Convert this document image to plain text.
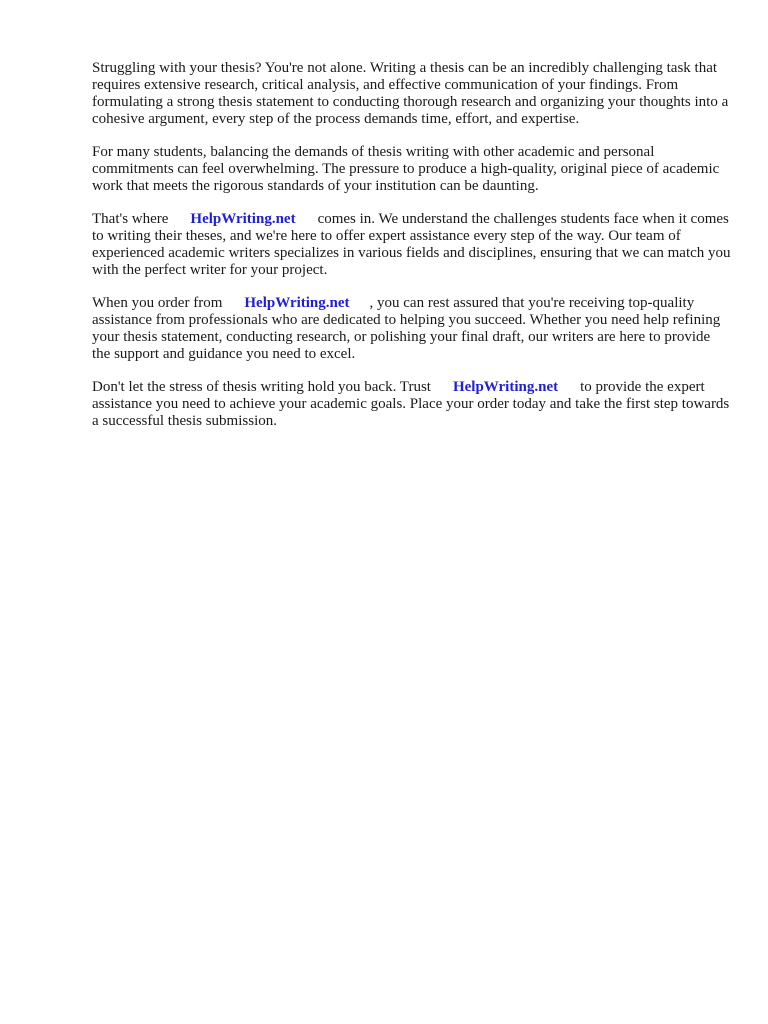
Struggling with your thesis? You're not alone. Writing a thesis can be an incredibly challenging task that requires extensive research, critical analysis, and effective communication of your findings. From formulating a strong thesis statement to conducting thorough research and organizing your thoughts into a cohesive argument, every step of the process demands time, effort, and expertise.

For many students, balancing the demands of thesis writing with other academic and personal commitments can feel overwhelming. The pressure to produce a high-quality, original piece of academic work that meets the rigorous standards of your institution can be daunting.

That's where HelpWriting.net comes in. We understand the challenges students face when it comes to writing their theses, and we're here to offer expert assistance every step of the way. Our team of experienced academic writers specializes in various fields and disciplines, ensuring that we can match you with the perfect writer for your project.

When you order from HelpWriting.net , you can rest assured that you're receiving top-quality assistance from professionals who are dedicated to helping you succeed. Whether you need help refining your thesis statement, conducting research, or polishing your final draft, our writers are here to provide the support and guidance you need to excel.

Don't let the stress of thesis writing hold you back. Trust HelpWriting.net to provide the expert assistance you need to achieve your academic goals. Place your order today and take the first step towards a successful thesis submission.
